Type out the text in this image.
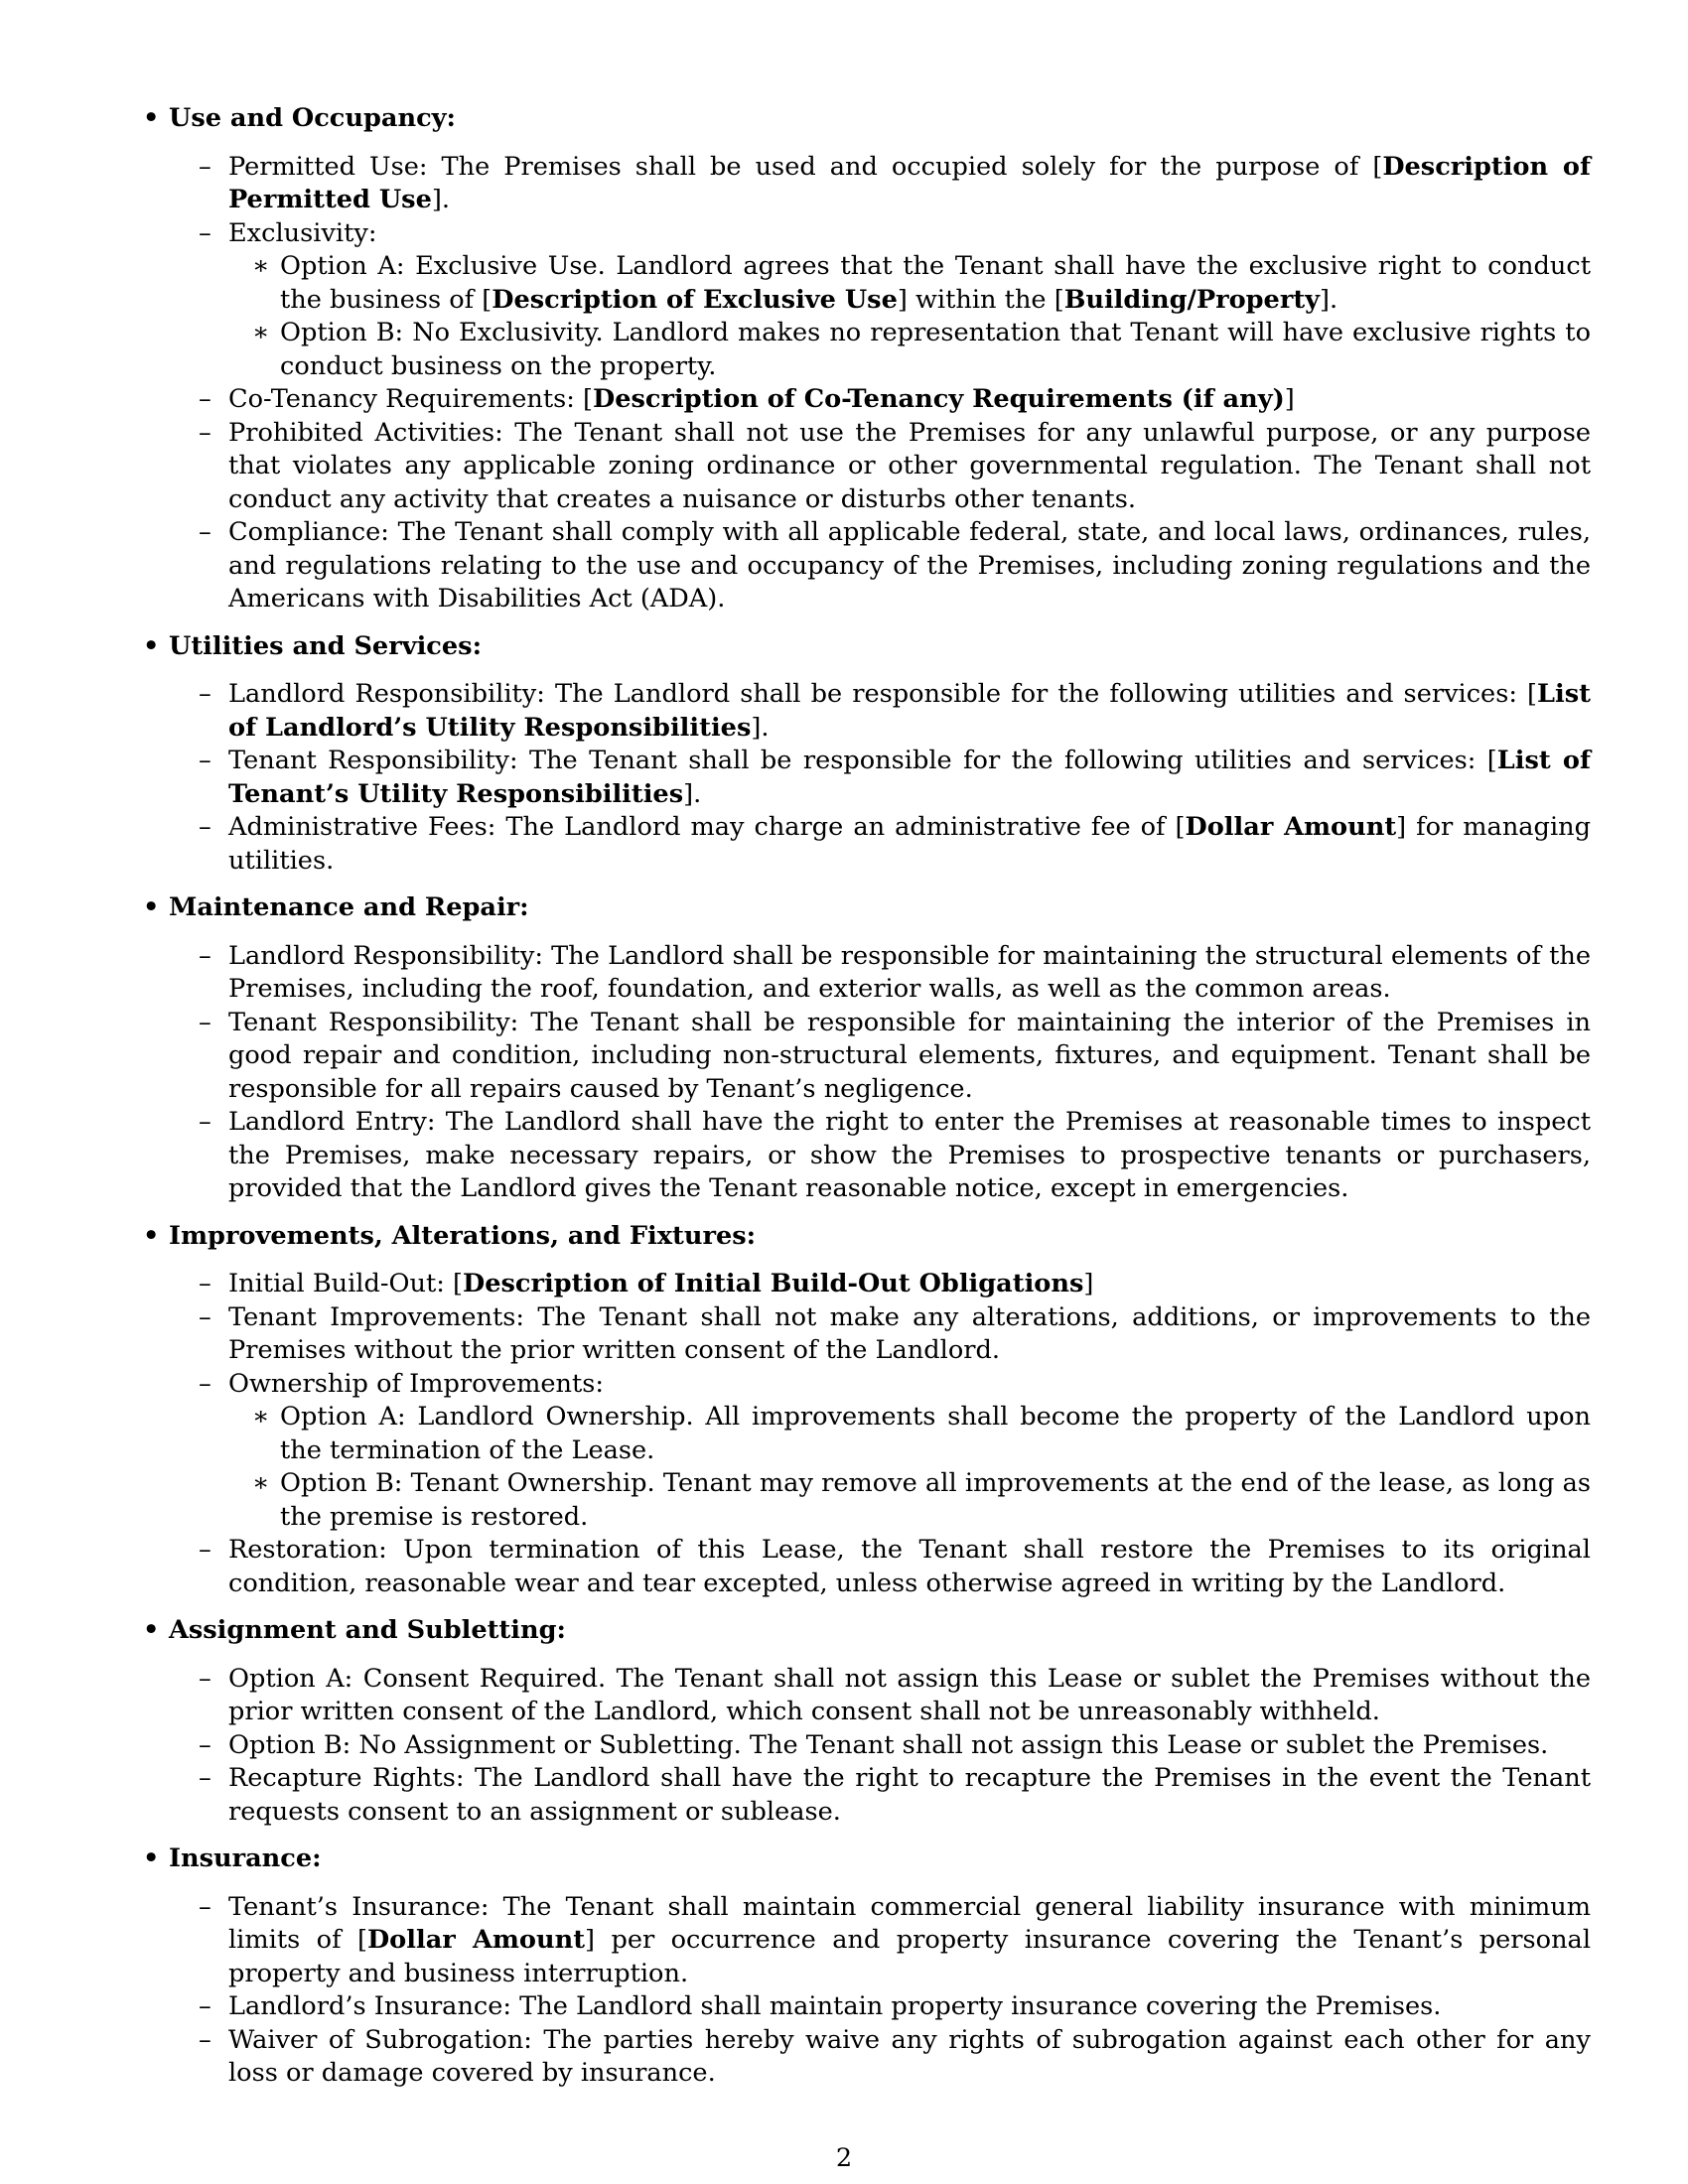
• Use and Occupancy:
– Permitted Use: The Premises shall be used and occupied solely for the purpose of [Description of Permitted Use].
– Exclusivity:
∗ Option A: Exclusive Use. Landlord agrees that the Tenant shall have the exclusive right to conduct the business of [Description of Exclusive Use] within the [Building/Property].
∗ Option B: No Exclusivity. Landlord makes no representation that Tenant will have exclusive rights to conduct business on the property.
– Co-Tenancy Requirements: [Description of Co-Tenancy Requirements (if any)]
– Prohibited Activities: The Tenant shall not use the Premises for any unlawful purpose, or any purpose that violates any applicable zoning ordinance or other governmental regulation. The Tenant shall not conduct any activity that creates a nuisance or disturbs other tenants.
– Compliance: The Tenant shall comply with all applicable federal, state, and local laws, ordinances, rules, and regulations relating to the use and occupancy of the Premises, including zoning regulations and the Americans with Disabilities Act (ADA).
• Utilities and Services:
– Landlord Responsibility: The Landlord shall be responsible for the following utilities and services: [List of Landlord’s Utility Responsibilities].
– Tenant Responsibility: The Tenant shall be responsible for the following utilities and services: [List of Tenant’s Utility Responsibilities].
– Administrative Fees: The Landlord may charge an administrative fee of [Dollar Amount] for managing utilities.
• Maintenance and Repair:
– Landlord Responsibility: The Landlord shall be responsible for maintaining the structural elements of the Premises, including the roof, foundation, and exterior walls, as well as the common areas.
– Tenant Responsibility: The Tenant shall be responsible for maintaining the interior of the Premises in good repair and condition, including non-structural elements, fixtures, and equipment. Tenant shall be responsible for all repairs caused by Tenant’s negligence.
– Landlord Entry: The Landlord shall have the right to enter the Premises at reasonable times to inspect the Premises, make necessary repairs, or show the Premises to prospective tenants or purchasers, provided that the Landlord gives the Tenant reasonable notice, except in emergencies.
• Improvements, Alterations, and Fixtures:
– Initial Build-Out: [Description of Initial Build-Out Obligations]
– Tenant Improvements: The Tenant shall not make any alterations, additions, or improvements to the Premises without the prior written consent of the Landlord.
– Ownership of Improvements:
∗ Option A: Landlord Ownership. All improvements shall become the property of the Landlord upon the termination of the Lease.
∗ Option B: Tenant Ownership. Tenant may remove all improvements at the end of the lease, as long as the premise is restored.
– Restoration: Upon termination of this Lease, the Tenant shall restore the Premises to its original condition, reasonable wear and tear excepted, unless otherwise agreed in writing by the Landlord.
• Assignment and Subletting:
– Option A: Consent Required. The Tenant shall not assign this Lease or sublet the Premises without the prior written consent of the Landlord, which consent shall not be unreasonably withheld.
– Option B: No Assignment or Subletting. The Tenant shall not assign this Lease or sublet the Premises.
– Recapture Rights: The Landlord shall have the right to recapture the Premises in the event the Tenant requests consent to an assignment or sublease.
• Insurance:
– Tenant’s Insurance: The Tenant shall maintain commercial general liability insurance with minimum limits of [Dollar Amount] per occurrence and property insurance covering the Tenant’s personal property and business interruption.
– Landlord’s Insurance: The Landlord shall maintain property insurance covering the Premises.
– Waiver of Subrogation: The parties hereby waive any rights of subrogation against each other for any loss or damage covered by insurance.
2
